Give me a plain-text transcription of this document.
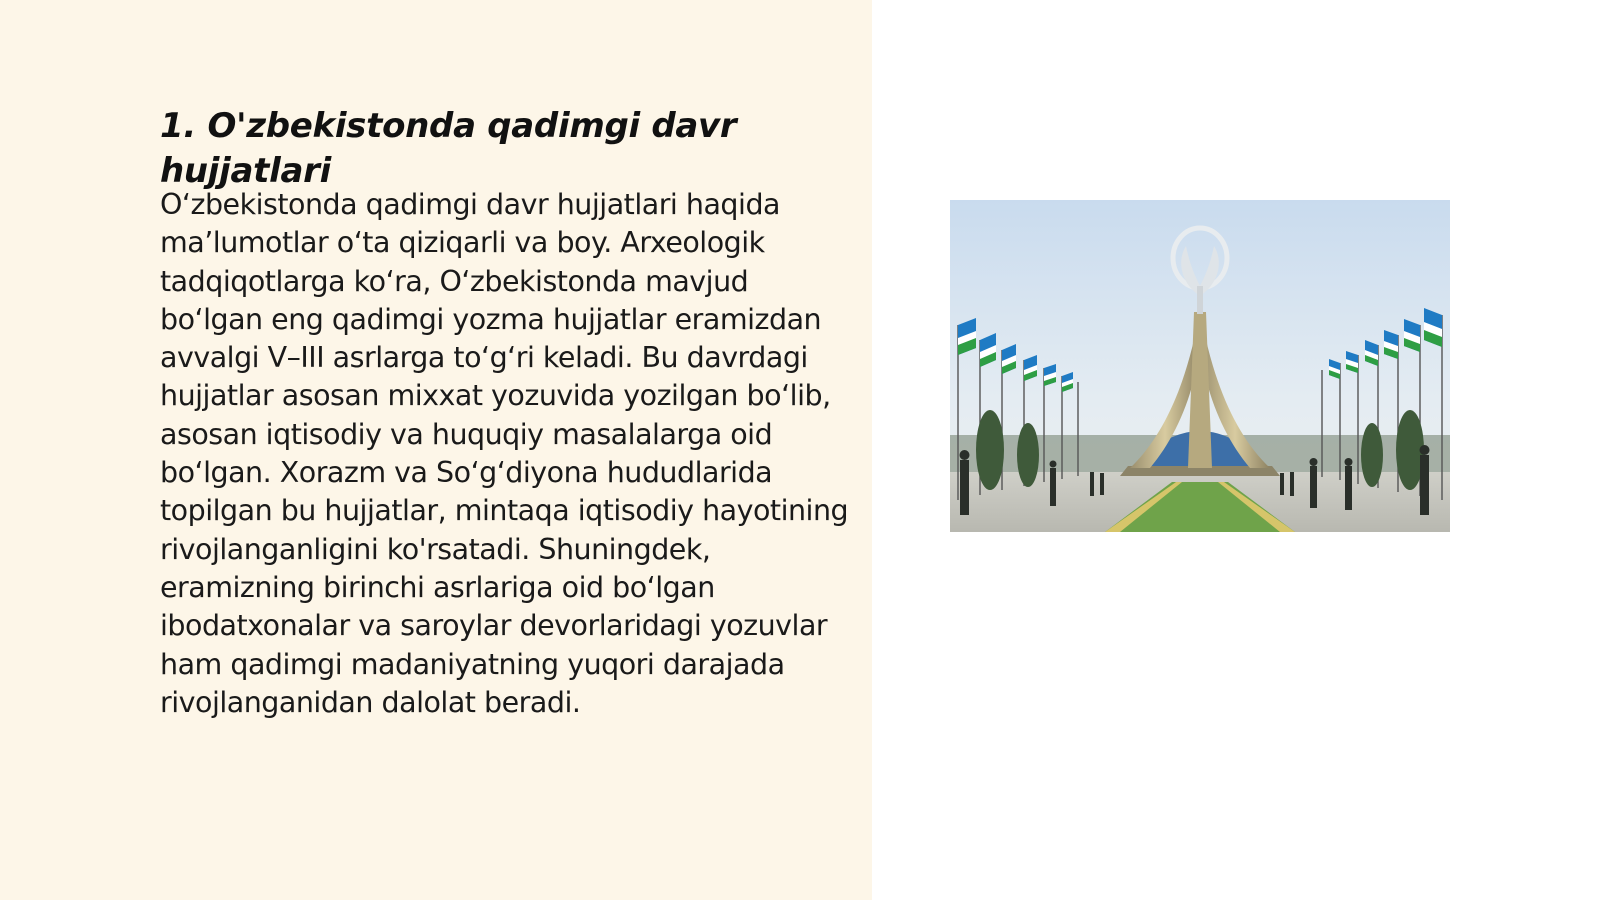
1. O'zbekistonda qadimgi davr hujjatlari

O‘zbekistonda qadimgi davr hujjatlari haqida ma’lumotlar o‘ta qiziqarli va boy. Arxeologik tadqiqotlarga ko‘ra, O‘zbekistonda mavjud bo‘lgan eng qadimgi yozma hujjatlar eramizdan avvalgi V–III asrlarga to‘g‘ri keladi. Bu davrdagi hujjatlar asosan mixxat yozuvida yozilgan bo‘lib, asosan iqtisodiy va huquqiy masalalarga oid bo‘lgan. Xorazm va So‘g‘diyona hududlarida topilgan bu hujjatlar, mintaqa iqtisodiy hayotining rivojlanganligini ko'rsatadi. Shuningdek, eramizning birinchi asrlariga oid bo‘lgan ibodatxonalar va saroylar devorlaridagi yozuvlar ham qadimgi madaniyatning yuqori darajada rivojlanganidan dalolat beradi.
